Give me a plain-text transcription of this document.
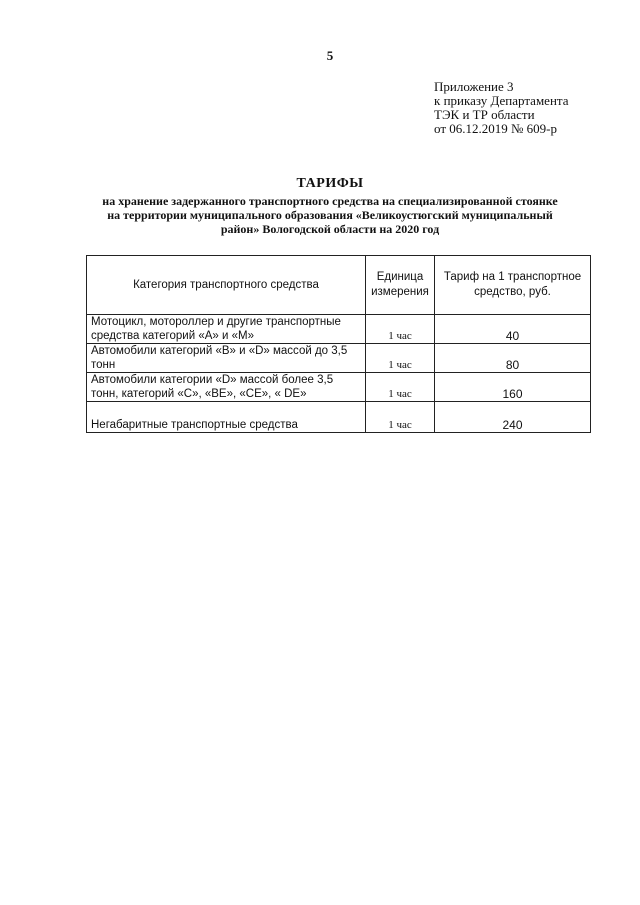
5
Приложение 3
к приказу Департамента
ТЭК и ТР области
от 06.12.2019 № 609-р
ТАРИФЫ
на хранение задержанного транспортного средства на специализированной стоянке
на территории муниципального образования «Великоустюгский муниципальный
район» Вологодской области на 2020 год
Категория транспортного средства	Единица измерения	Тариф на 1 транспортное средство, руб.
Мотоцикл, мотороллер и другие транспортные средства категорий «А» и «М»	1 час	40
Автомобили категорий «В» и «D» массой до 3,5 тонн	1 час	80
Автомобили категории «D» массой более 3,5 тонн, категорий «С», «ВЕ», «СЕ», « DE»	1 час	160
Негабаритные транспортные средства	1 час	240
